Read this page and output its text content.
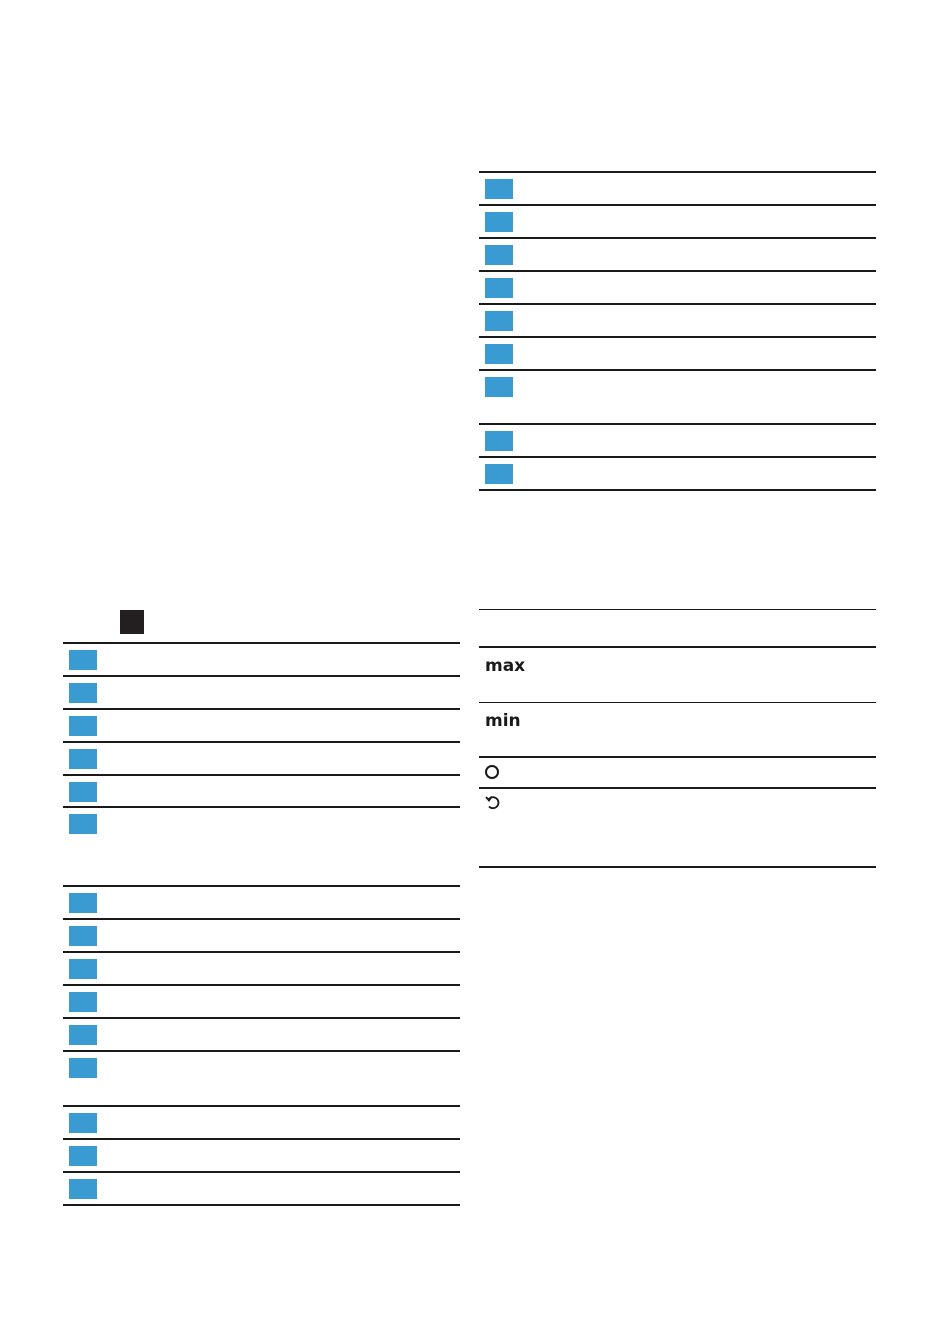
max
min
